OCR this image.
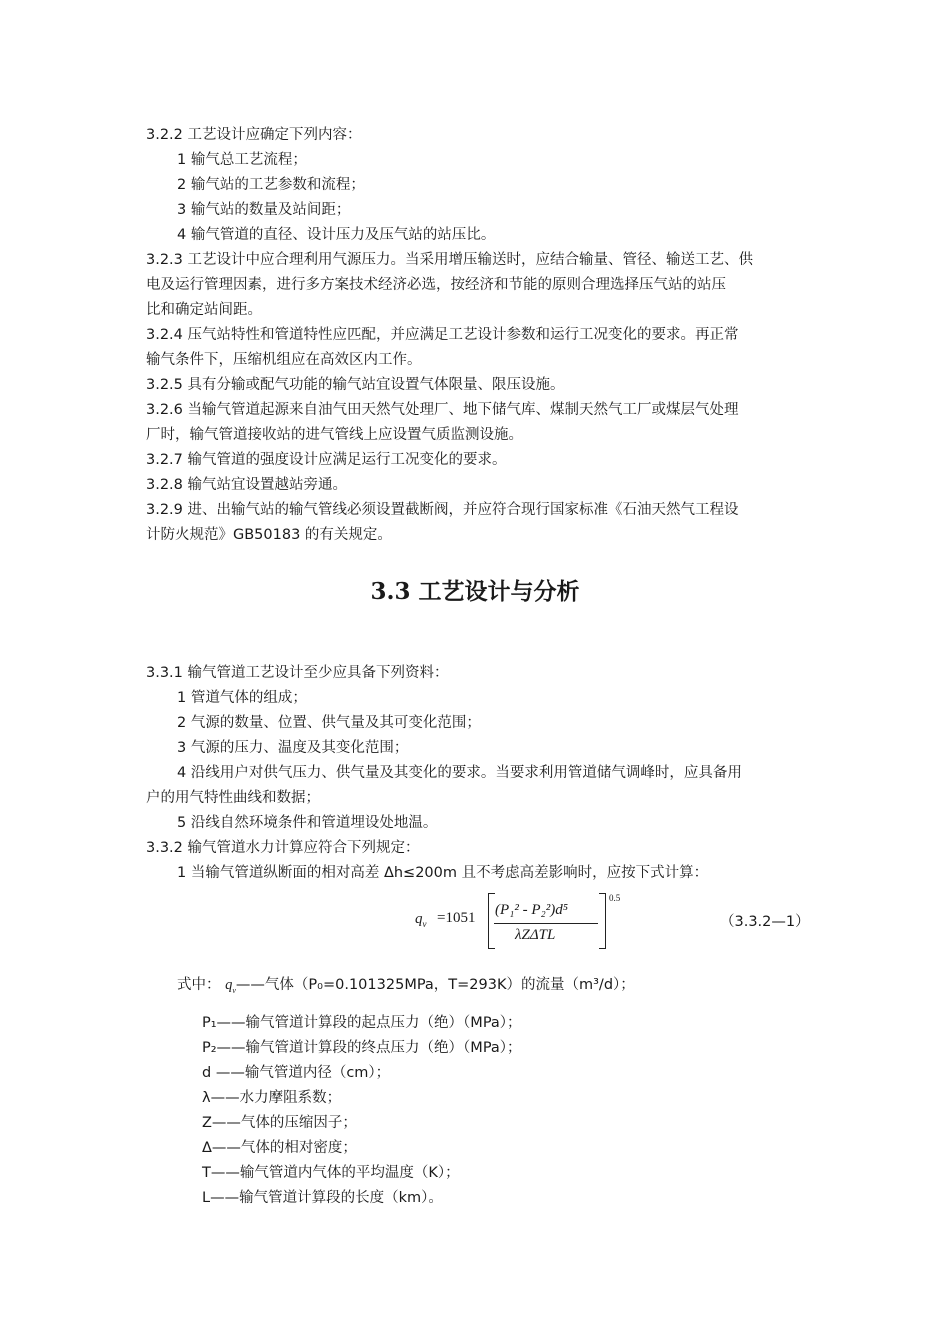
3.2.2 工艺设计应确定下列内容：
1 输气总工艺流程；
2 输气站的工艺参数和流程；
3 输气站的数量及站间距；
4 输气管道的直径、设计压力及压气站的站压比。
3.2.3 工艺设计中应合理利用气源压力。当采用增压输送时，应结合输量、管径、输送工艺、供
电及运行管理因素，进行多方案技术经济必选，按经济和节能的原则合理选择压气站的站压
比和确定站间距。
3.2.4 压气站特性和管道特性应匹配，并应满足工艺设计参数和运行工况变化的要求。再正常
输气条件下，压缩机组应在高效区内工作。
3.2.5 具有分输或配气功能的输气站宜设置气体限量、限压设施。
3.2.6 当输气管道起源来自油气田天然气处理厂、地下储气库、煤制天然气工厂或煤层气处理
厂时，输气管道接收站的进气管线上应设置气质监测设施。
3.2.7 输气管道的强度设计应满足运行工况变化的要求。
3.2.8 输气站宜设置越站旁通。
3.2.9 进、出输气站的输气管线必须设置截断阀，并应符合现行国家标准《石油天然气工程设
计防火规范》GB50183 的有关规定。
3.3 工艺设计与分析
3.3.1 输气管道工艺设计至少应具备下列资料：
1 管道气体的组成；
2 气源的数量、位置、供气量及其可变化范围；
3 气源的压力、温度及其变化范围；
4 沿线用户对供气压力、供气量及其变化的要求。当要求利用管道储气调峰时，应具备用
户的用气特性曲线和数据；
5 沿线自然环境条件和管道埋设处地温。
3.3.2 输气管道水力计算应符合下列规定：
1 当输气管道纵断面的相对高差 Δh≤200m 且不考虑高差影响时，应按下式计算：
$q_v =1051$ (P₁² - P₂²)d⁵
λZΔTL
0.5
（3.3.2—1）
式中： $q_v——$气体（P₀=0.101325MPa，T=293K）的流量（m³/d）；
P₁——输气管道计算段的起点压力（绝）（MPa）；
P₂——输气管道计算段的终点压力（绝）（MPa）；
d ——输气管道内径（cm）；
λ——水力摩阻系数；
Z——气体的压缩因子；
Δ——气体的相对密度；
T——输气管道内气体的平均温度（K）；
L——输气管道计算段的长度（km）。
